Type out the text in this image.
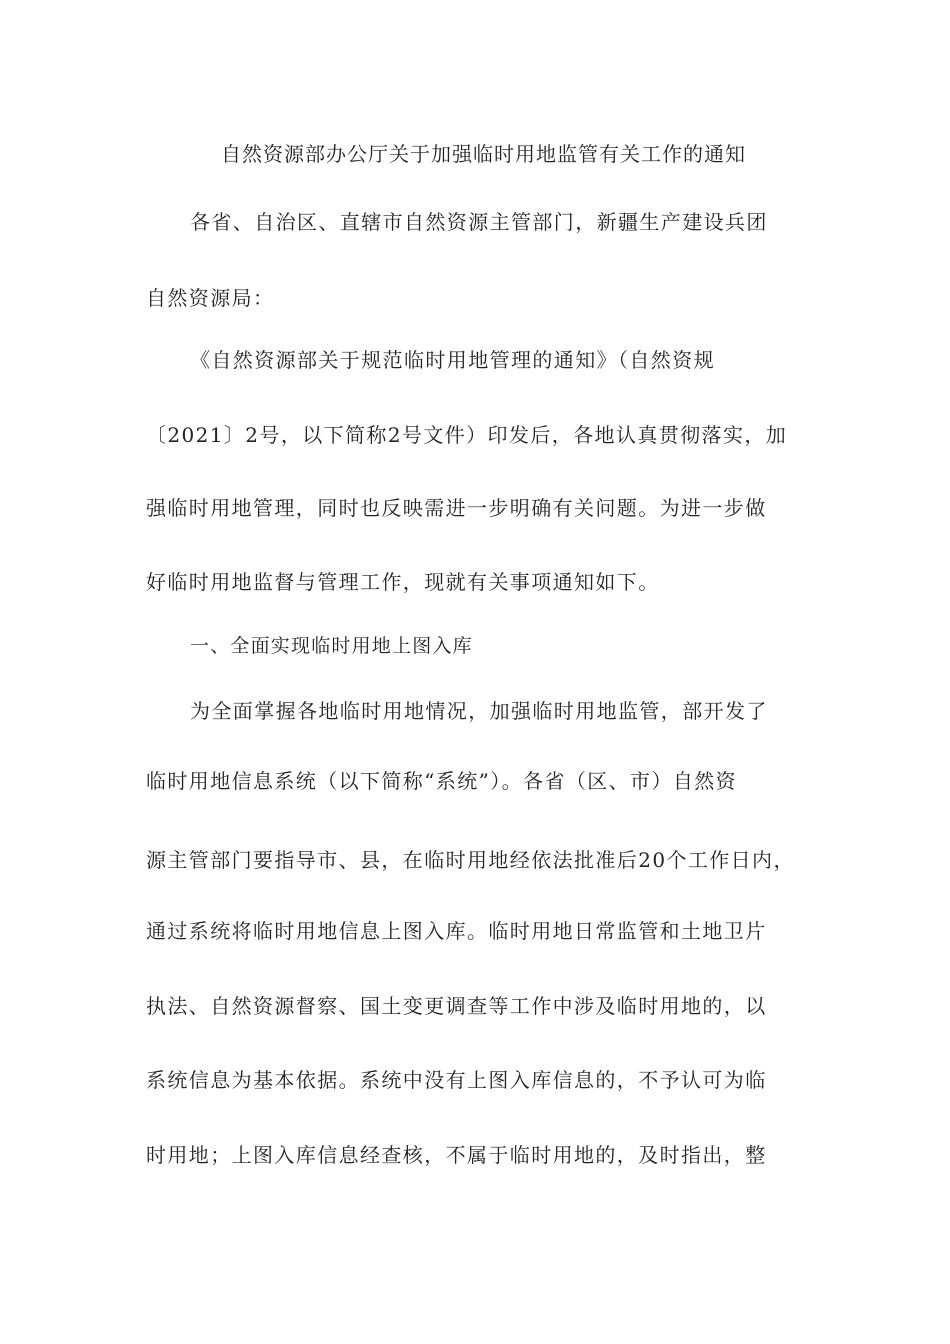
自然资源部办公厅关于加强临时用地监管有关工作的通知
各省、自治区、直辖市自然资源主管部门，新疆生产建设兵团
自然资源局：
《自然资源部关于规范临时用地管理的通知》（自然资规
〔2021〕2号，以下简称2号文件）印发后，各地认真贯彻落实，加
强临时用地管理，同时也反映需进一步明确有关问题。为进一步做
好临时用地监督与管理工作，现就有关事项通知如下。
一、全面实现临时用地上图入库
为全面掌握各地临时用地情况，加强临时用地监管，部开发了
临时用地信息系统（以下简称“系统”）。各省（区、市）自然资
源主管部门要指导市、县，在临时用地经依法批准后20个工作日内，
通过系统将临时用地信息上图入库。临时用地日常监管和土地卫片
执法、自然资源督察、国土变更调查等工作中涉及临时用地的，以
系统信息为基本依据。系统中没有上图入库信息的，不予认可为临
时用地；上图入库信息经查核，不属于临时用地的，及时指出，整
